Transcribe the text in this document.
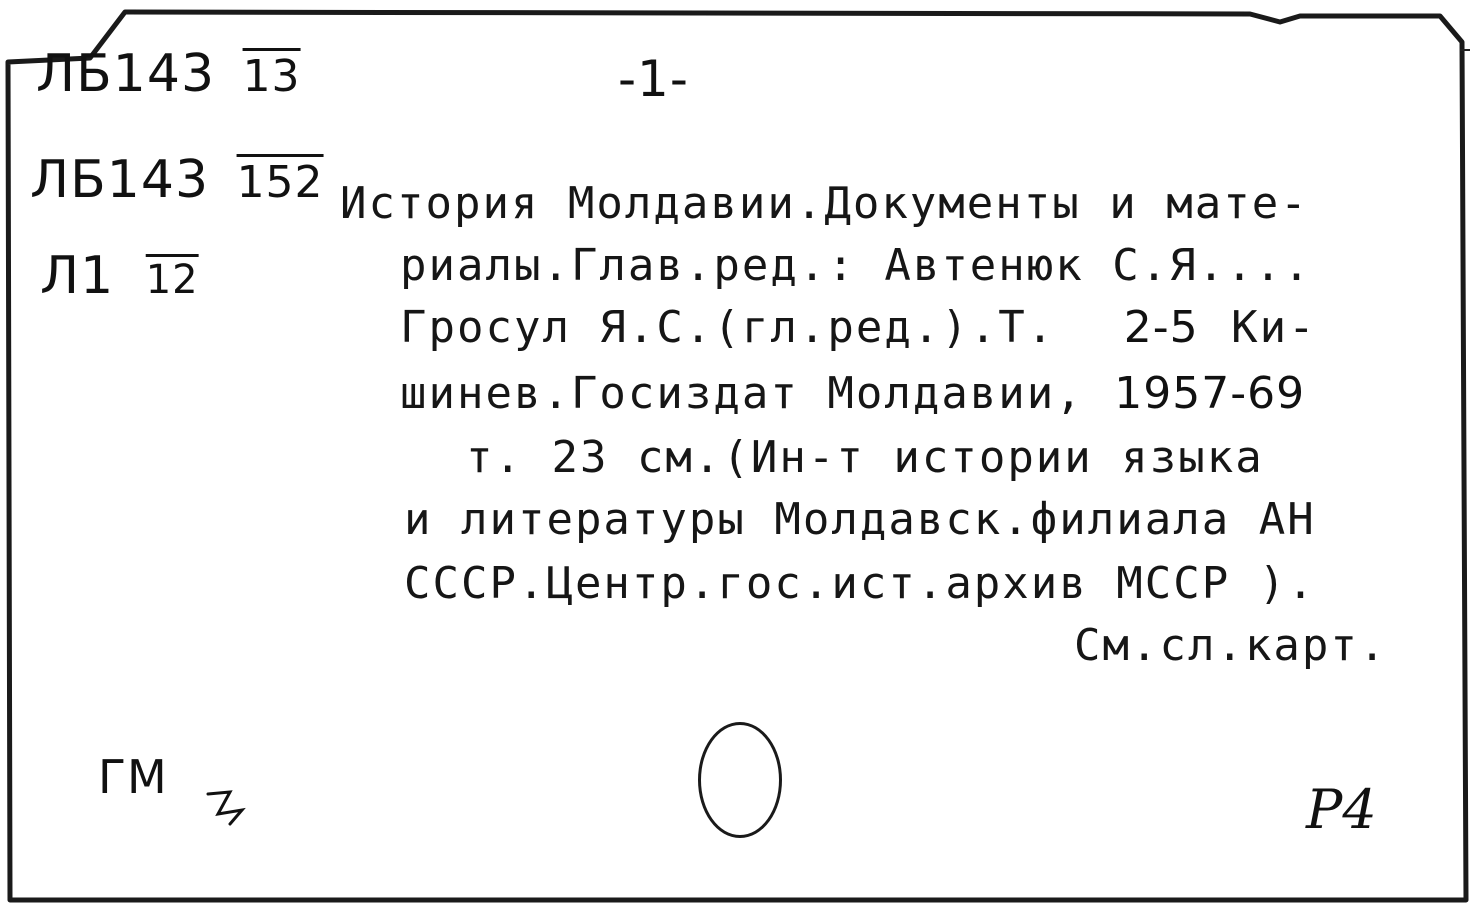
-1-
ЛБ143 13
ЛБ143 152
Л1 12
История Молдавии.Документы и мате-
риалы.Глав.ред.: Автенюк С.Я....
Гросул Я.С.(гл.ред.).Т. 2-5 Ки-
шинев.Госиздат Молдавии, 1957-69
т. 23 см.(Ин-т истории языка
и литературы Молдавск.филиала АН
СССР.Центр.гос.ист.архив МССР ).
См.сл.карт.
ГМ
P4
